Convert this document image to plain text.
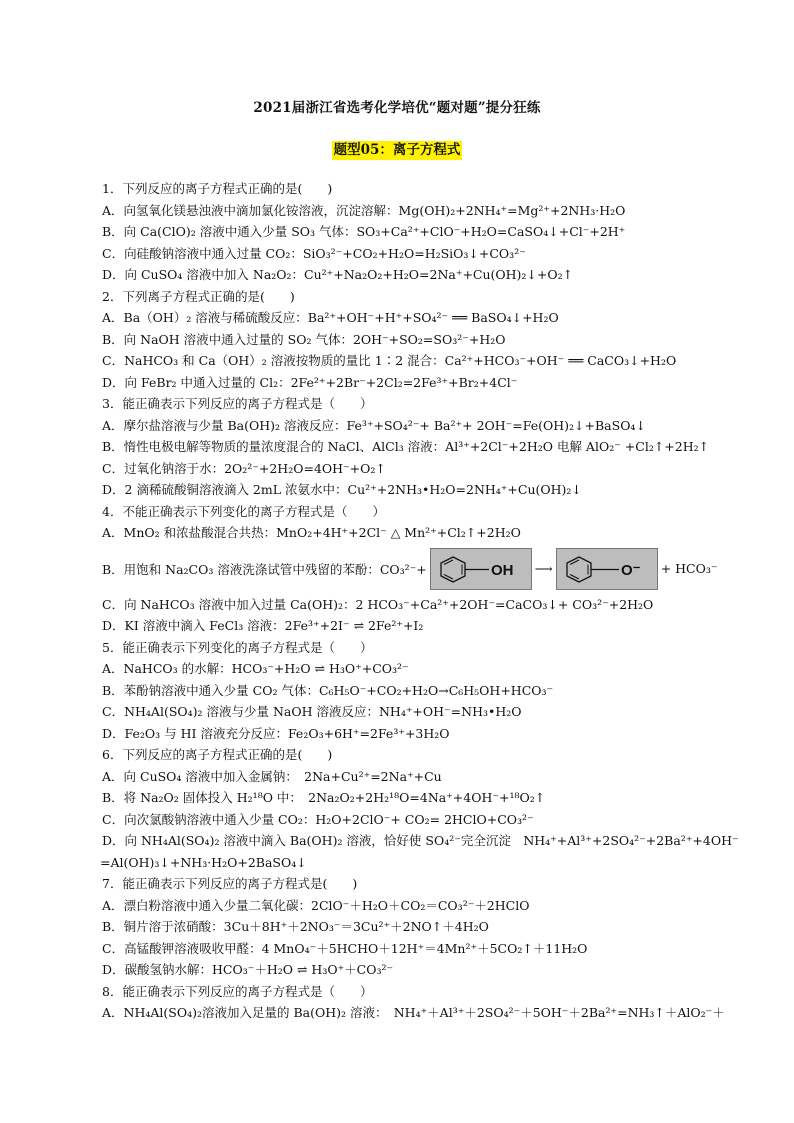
2021届浙江省选考化学培优“题对题”提分狂练
题型05：离子方程式
1．下列反应的离子方程式正确的是(　　)
A．向氢氧化镁悬浊液中滴加氯化铵溶液，沉淀溶解：Mg(OH)₂+2NH₄⁺=Mg²⁺+2NH₃·H₂O
B．向 Ca(ClO)₂ 溶液中通入少量 SO₃ 气体：SO₃+Ca²⁺+ClO⁻+H₂O=CaSO₄↓+Cl⁻+2H⁺
C．向硅酸钠溶液中通入过量 CO₂：SiO₃²⁻+CO₂+H₂O=H₂SiO₃↓+CO₃²⁻
D．向 CuSO₄ 溶液中加入 Na₂O₂：Cu²⁺+Na₂O₂+H₂O=2Na⁺+Cu(OH)₂↓+O₂↑
2．下列离子方程式正确的是(　　)
A．Ba（OH）₂ 溶液与稀硫酸反应：Ba²⁺+OH⁻+H⁺+SO₄²⁻ ══ BaSO₄↓+H₂O
B．向 NaOH 溶液中通入过量的 SO₂ 气体：2OH⁻+SO₂=SO₃²⁻+H₂O
C．NaHCO₃ 和 Ca（OH）₂ 溶液按物质的量比 1∶2 混合：Ca²⁺+HCO₃⁻+OH⁻ ══ CaCO₃↓+H₂O
D．向 FeBr₂ 中通入过量的 Cl₂：2Fe²⁺+2Br⁻+2Cl₂=2Fe³⁺+Br₂+4Cl⁻
3．能正确表示下列反应的离子方程式是（　　）
A．摩尔盐溶液与少量 Ba(OH)₂ 溶液反应：Fe³⁺+SO₄²⁻+ Ba²⁺+ 2OH⁻=Fe(OH)₂↓+BaSO₄↓
B．惰性电极电解等物质的量浓度混合的 NaCl、AlCl₃ 溶液：Al³⁺+2Cl⁻+2H₂O 电解 AlO₂⁻ +Cl₂↑+2H₂↑
C．过氧化钠溶于水：2O₂²⁻+2H₂O=4OH⁻+O₂↑
D．2 滴稀硫酸铜溶液滴入 2mL 浓氨水中：Cu²⁺+2NH₃•H₂O=2NH₄⁺+Cu(OH)₂↓
4．不能正确表示下列变化的离子方程式是（　　）
A．MnO₂ 和浓盐酸混合共热：MnO₂+4H⁺+2Cl⁻ △ Mn²⁺+Cl₂↑+2H₂O
B．用饱和 Na₂CO₃ 溶液洗涤试管中残留的苯酚：CO₃²⁻+	OH ⟶	O⁻ + HCO₃⁻
C．向 NaHCO₃ 溶液中加入过量 Ca(OH)₂：2 HCO₃⁻+Ca²⁺+2OH⁻=CaCO₃↓+ CO₃²⁻+2H₂O
D．KI 溶液中滴入 FeCl₃ 溶液：2Fe³⁺+2I⁻ ⇌ 2Fe²⁺+I₂
5．能正确表示下列变化的离子方程式是（　　）
A．NaHCO₃ 的水解：HCO₃⁻+H₂O ⇌ H₃O⁺+CO₃²⁻
B．苯酚钠溶液中通入少量 CO₂ 气体：C₆H₅O⁻+CO₂+H₂O→C₆H₅OH+HCO₃⁻
C．NH₄Al(SO₄)₂ 溶液与少量 NaOH 溶液反应：NH₄⁺+OH⁻=NH₃•H₂O
D．Fe₂O₃ 与 HI 溶液充分反应：Fe₂O₃+6H⁺=2Fe³⁺+3H₂O
6．下列反应的离子方程式正确的是(　　)
A．向 CuSO₄ 溶液中加入金属钠：　2Na+Cu²⁺=2Na⁺+Cu
B．将 Na₂O₂ 固体投入 H₂¹⁸O 中：　2Na₂O₂+2H₂¹⁸O=4Na⁺+4OH⁻+¹⁸O₂↑
C．向次氯酸钠溶液中通入少量 CO₂：H₂O+2ClO⁻+ CO₂= 2HClO+CO₃²⁻
D．向 NH₄Al(SO₄)₂ 溶液中滴入 Ba(OH)₂ 溶液，恰好使 SO₄²⁻完全沉淀　NH₄⁺+Al³⁺+2SO₄²⁻+2Ba²⁺+4OH⁻
=Al(OH)₃↓+NH₃·H₂O+2BaSO₄↓
7．能正确表示下列反应的离子方程式是(　　)
A．漂白粉溶液中通入少量二氧化碳：2ClO⁻＋H₂O＋CO₂＝CO₃²⁻＋2HClO
B．铜片溶于浓硝酸：3Cu＋8H⁺＋2NO₃⁻＝3Cu²⁺＋2NO↑＋4H₂O
C．高锰酸钾溶液吸收甲醛：4 MnO₄⁻＋5HCHO＋12H⁺＝4Mn²⁺＋5CO₂↑＋11H₂O
D．碳酸氢钠水解：HCO₃⁻＋H₂O ⇌ H₃O⁺＋CO₃²⁻
8．能正确表示下列反应的离子方程式是（　　）
A．NH₄Al(SO₄)₂溶液加入足量的 Ba(OH)₂ 溶液：　NH₄⁺＋Al³⁺＋2SO₄²⁻＋5OH⁻＋2Ba²⁺=NH₃↑＋AlO₂⁻＋
